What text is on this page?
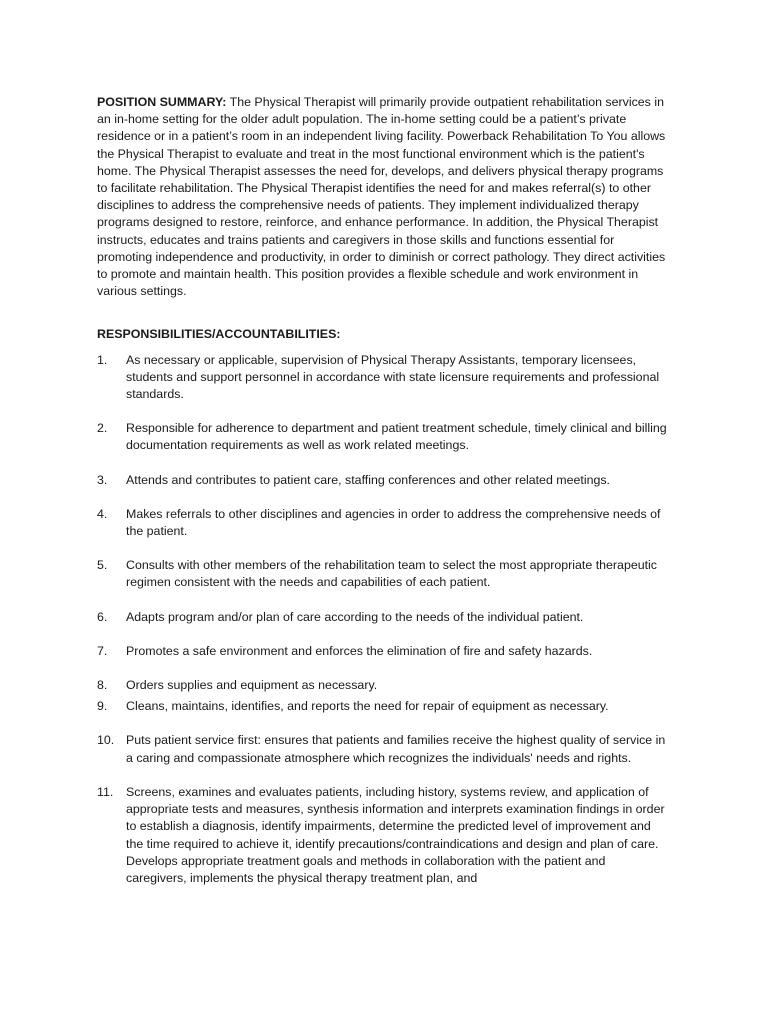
POSITION SUMMARY: The Physical Therapist will primarily provide outpatient rehabilitation services in an in-home setting for the older adult population. The in-home setting could be a patient’s private residence or in a patient’s room in an independent living facility. Powerback Rehabilitation To You allows the Physical Therapist to evaluate and treat in the most functional environment which is the patient's home. The Physical Therapist assesses the need for, develops, and delivers physical therapy programs to facilitate rehabilitation. The Physical Therapist identifies the need for and makes referral(s) to other disciplines to address the comprehensive needs of patients. They implement individualized therapy programs designed to restore, reinforce, and enhance performance. In addition, the Physical Therapist instructs, educates and trains patients and caregivers in those skills and functions essential for promoting independence and productivity, in order to diminish or correct pathology. They direct activities to promote and maintain health. This position provides a flexible schedule and work environment in various settings.

RESPONSIBILITIES/ACCOUNTABILITIES:
1. As necessary or applicable, supervision of Physical Therapy Assistants, temporary licensees, students and support personnel in accordance with state licensure requirements and professional standards.
2. Responsible for adherence to department and patient treatment schedule, timely clinical and billing documentation requirements as well as work related meetings.
3. Attends and contributes to patient care, staffing conferences and other related meetings.
4. Makes referrals to other disciplines and agencies in order to address the comprehensive needs of the patient.
5. Consults with other members of the rehabilitation team to select the most appropriate therapeutic regimen consistent with the needs and capabilities of each patient.
6. Adapts program and/or plan of care according to the needs of the individual patient.
7. Promotes a safe environment and enforces the elimination of fire and safety hazards.
8. Orders supplies and equipment as necessary.
9. Cleans, maintains, identifies, and reports the need for repair of equipment as necessary.
10. Puts patient service first: ensures that patients and families receive the highest quality of service in a caring and compassionate atmosphere which recognizes the individuals' needs and rights.
11. Screens, examines and evaluates patients, including history, systems review, and application of appropriate tests and measures, synthesis information and interprets examination findings in order to establish a diagnosis, identify impairments, determine the predicted level of improvement and the time required to achieve it, identify precautions/contraindications and design and plan of care. Develops appropriate treatment goals and methods in collaboration with the patient and caregivers, implements the physical therapy treatment plan, and
